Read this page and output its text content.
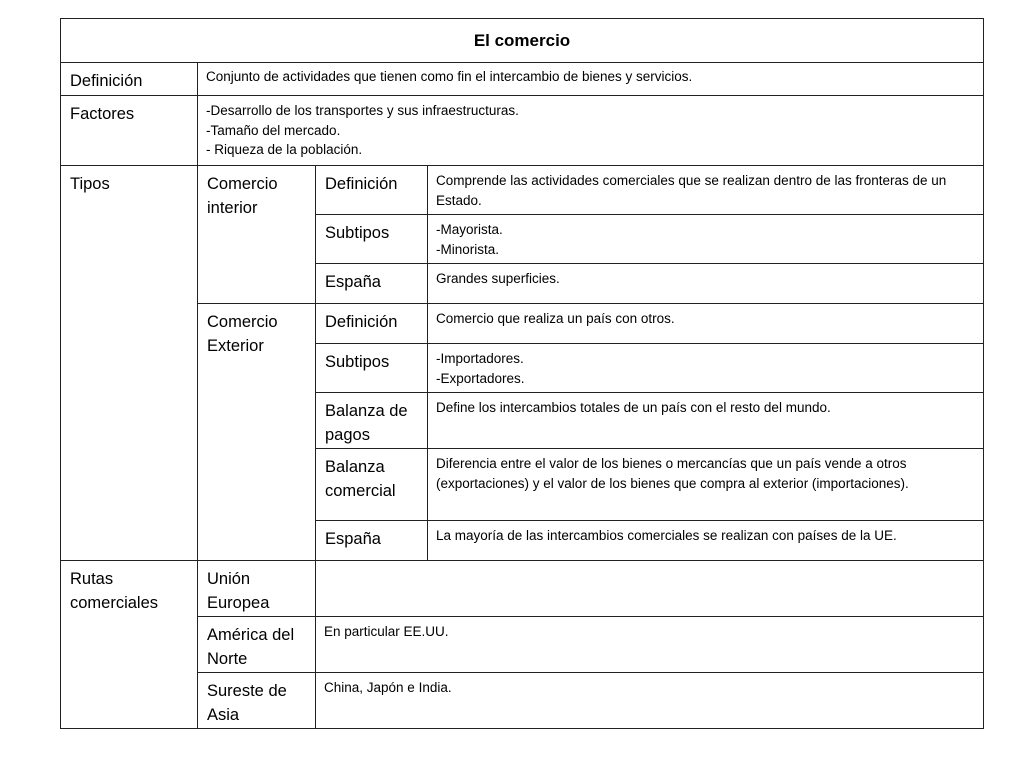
El comercio			
Definición	Conjunto de actividades que tienen como fin el intercambio de bienes y servicios.		
Factores	-Desarrollo de los transportes y sus infraestructuras.
-Tamaño del mercado.
- Riqueza de la población.		

Tipos	Comercio interior	Definición	Comprende las actividades comerciales que se realizan dentro de las fronteras de un Estado.
		Subtipos	-Mayorista.
-Minorista.

		España	Grandes superficies.
	Comercio Exterior	Definición	Comercio que realiza un país con otros.
		Subtipos	-Importadores.
-Exportadores.

		Balanza de pagos	Define los intercambios totales de un país con el resto del mundo.
		Balanza comercial	Diferencia entre el valor de los bienes o mercancías que un país vende a otros (exportaciones) y el valor de los bienes que compra al exterior (importaciones).
		España	La mayoría de las intercambios comerciales se realizan con países de la UE.
Rutas comerciales	Unión Europea		
	América del Norte	En particular EE.UU.	
	Sureste de Asia	China, Japón e India.	
